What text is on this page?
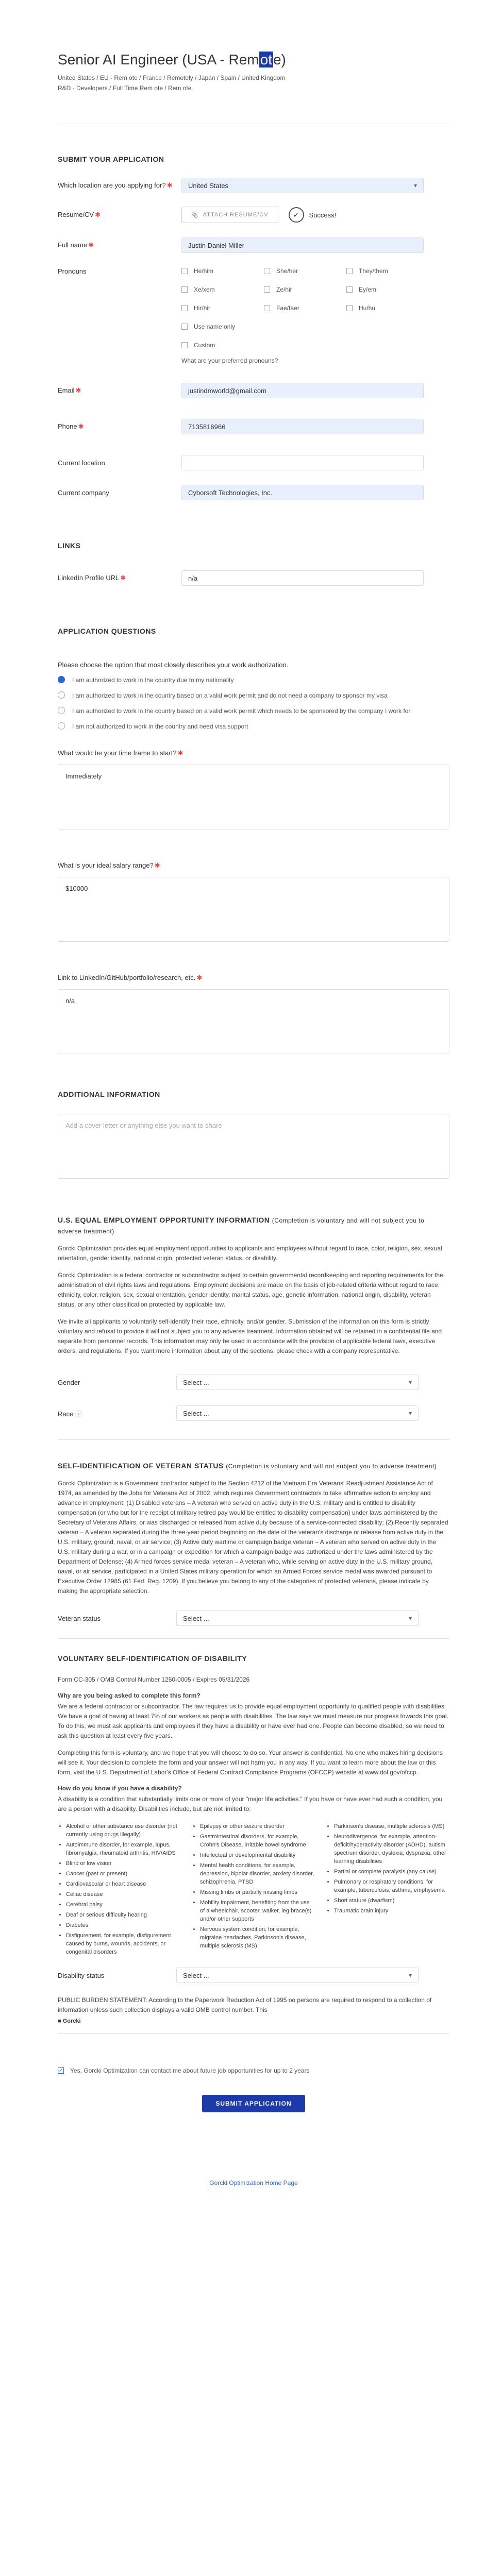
Senior AI Engineer (USA - Remote)
United States / EU - Rem ote / France / Remotely / Japan / Spain / United Kingdom
R&D - Developers / Full Time Rem ote / Rem ote
SUBMIT YOUR APPLICATION
Which location are you applying for? ✱	United States	▾
Resume/CV ✱	📎 ATTACH RESUME/CV	✓	Success!
Full name ✱	Justin Daniel Miller
Pronouns	He/him	She/her	They/them
Xe/xem	Ze/hir	Ey/em
Hir/hir	Fae/faer	Hu/hu
Use name only
Custom
What are your preferred pronouns?
Email ✱	justindmworld@gmail.com
Phone ✱	7135816966
Current location
Current company	Cyborsoft Technologies, Inc.
LINKS
LinkedIn Profile URL ✱	n/a
APPLICATION QUESTIONS
Please choose the option that most closely describes your work authorization.
I am authorized to work in the country due to my nationality
I am authorized to work in the country based on a valid work permit and do not need a company to sponsor my visa
I am authorized to work in the country based on a valid work permit which needs to be sponsored by the company I work for
I am not authorized to work in the country and need visa support
What would be your time frame to start? ✱
Immediately
What is your ideal salary range? ✱
$10000
Link to LinkedIn/GitHub/portfolio/research, etc. ✱
n/a
ADDITIONAL INFORMATION
Add a cover letter or anything else you want to share
U.S. EQUAL EMPLOYMENT OPPORTUNITY INFORMATION (Completion is voluntary and will not subject you to adverse treatment)
Gorcki Optimization provides equal employment opportunities to applicants and employees without regard to race, color, religion, sex, sexual orientation, gender identity, national origin, protected veteran status, or disability.
Gorcki Optimization is a federal contractor or subcontractor subject to certain governmental recordkeeping and reporting requirements for the administration of civil rights laws and regulations. Employment decisions are made on the basis of job-related criteria without regard to race, ethnicity, color, religion, sex, sexual orientation, gender identity, marital status, age, genetic information, national origin, disability, veteran status, or any other classification protected by applicable law.
We invite all applicants to voluntarily self-identify their race, ethnicity, and/or gender. Submission of the information on this form is strictly voluntary and refusal to provide it will not subject you to any adverse treatment. Information obtained will be retained in a confidential file and separate from personnel records. This information may only be used in accordance with the provision of applicable federal laws, executive orders, and regulations. If you want more information about any of the sections, please check with a company representative.
Gender	Select ...	▾
Race ⓘ	Select ...	▾
SELF-IDENTIFICATION OF VETERAN STATUS (Completion is voluntary and will not subject you to adverse treatment)
Gorcki Optimization is a Government contractor subject to the Section 4212 of the Vietnam Era Veterans' Readjustment Assistance Act of 1974, as amended by the Jobs for Veterans Act of 2002, which requires Government contractors to take affirmative action to employ and advance in employment: (1) Disabled veterans – A veteran who served on active duty in the U.S. military and is entitled to disability compensation (or who but for the receipt of military retired pay would be entitled to disability compensation) under laws administered by the Secretary of Veterans Affairs, or was discharged or released from active duty because of a service-connected disability; (2) Recently separated veteran – A veteran separated during the three-year period beginning on the date of the veteran's discharge or release from active duty in the U.S. military, ground, naval, or air service; (3) Active duty wartime or campaign badge veteran – A veteran who served on active duty in the U.S. military during a war, or in a campaign or expedition for which a campaign badge was authorized under the laws administered by the Department of Defense; (4) Armed forces service medal veteran – A veteran who, while serving on active duty in the U.S. military ground, naval, or air service, participated in a United States military operation for which an Armed Forces service medal was awarded pursuant to Executive Order 12985 (61 Fed. Reg. 1209). If you believe you belong to any of the categories of protected veterans, please indicate by making the appropriate selection.
Veteran status	Select ...	▾
VOLUNTARY SELF-IDENTIFICATION OF DISABILITY
Form CC-305 / OMB Control Number 1250-0005 / Expires 05/31/2026
Why are you being asked to complete this form?
We are a federal contractor or subcontractor. The law requires us to provide equal employment opportunity to qualified people with disabilities. We have a goal of having at least 7% of our workers as people with disabilities. The law says we must measure our progress towards this goal. To do this, we must ask applicants and employees if they have a disability or have ever had one. People can become disabled, so we need to ask this question at least every five years.
Completing this form is voluntary, and we hope that you will choose to do so. Your answer is confidential. No one who makes hiring decisions will see it. Your decision to complete the form and your answer will not harm you in any way. If you want to learn more about the law or this form, visit the U.S. Department of Labor's Office of Federal Contract Compliance Programs (OFCCP) website at www.dol.gov/ofccp.
How do you know if you have a disability?
A disability is a condition that substantially limits one or more of your "major life activities." If you have or have ever had such a condition, you are a person with a disability. Disabilities include, but are not limited to:
• Alcohol or other substance use disorder (not currently using drugs illegally)
• Autoimmune disorder, for example, lupus, fibromyalgia, rheumatoid arthritis, HIV/AIDS
• Blind or low vision
• Cancer (past or present)
• Cardiovascular or heart disease
• Celiac disease
• Cerebral palsy
• Deaf or serious difficulty hearing
• Diabetes
• Disfigurement, for example, disfigurement caused by burns, wounds, accidents, or congenital disorders
• Epilepsy or other seizure disorder
• Gastrointestinal disorders, for example, Crohn's Disease, irritable bowel syndrome
• Intellectual or developmental disability
• Mental health conditions, for example, depression, bipolar disorder, anxiety disorder, schizophrenia, PTSD
• Missing limbs or partially missing limbs
• Mobility impairment, benefiting from the use of a wheelchair, scooter, walker, leg brace(s) and/or other supports
• Nervous system condition, for example, migraine headaches, Parkinson's disease, multiple sclerosis (MS)
• Parkinson's disease, multiple sclerosis (MS)
• Neurodivergence, for example, attention-deficit/hyperactivity disorder (ADHD), autism spectrum disorder, dyslexia, dyspraxia, other learning disabilities
• Partial or complete paralysis (any cause)
• Pulmonary or respiratory conditions, for example, tuberculosis, asthma, emphysema
• Short stature (dwarfism)
• Traumatic brain injury
Disability status	Select ...	▾
PUBLIC BURDEN STATEMENT: According to the Paperwork Reduction Act of 1995 no persons are required to respond to a collection of information unless such collection displays a valid OMB control number. This
■ Gorcki
✓ Yes, Gorcki Optimization can contact me about future job opportunities for up to 2 years
SUBMIT APPLICATION
Gorcki Optimization Home Page
